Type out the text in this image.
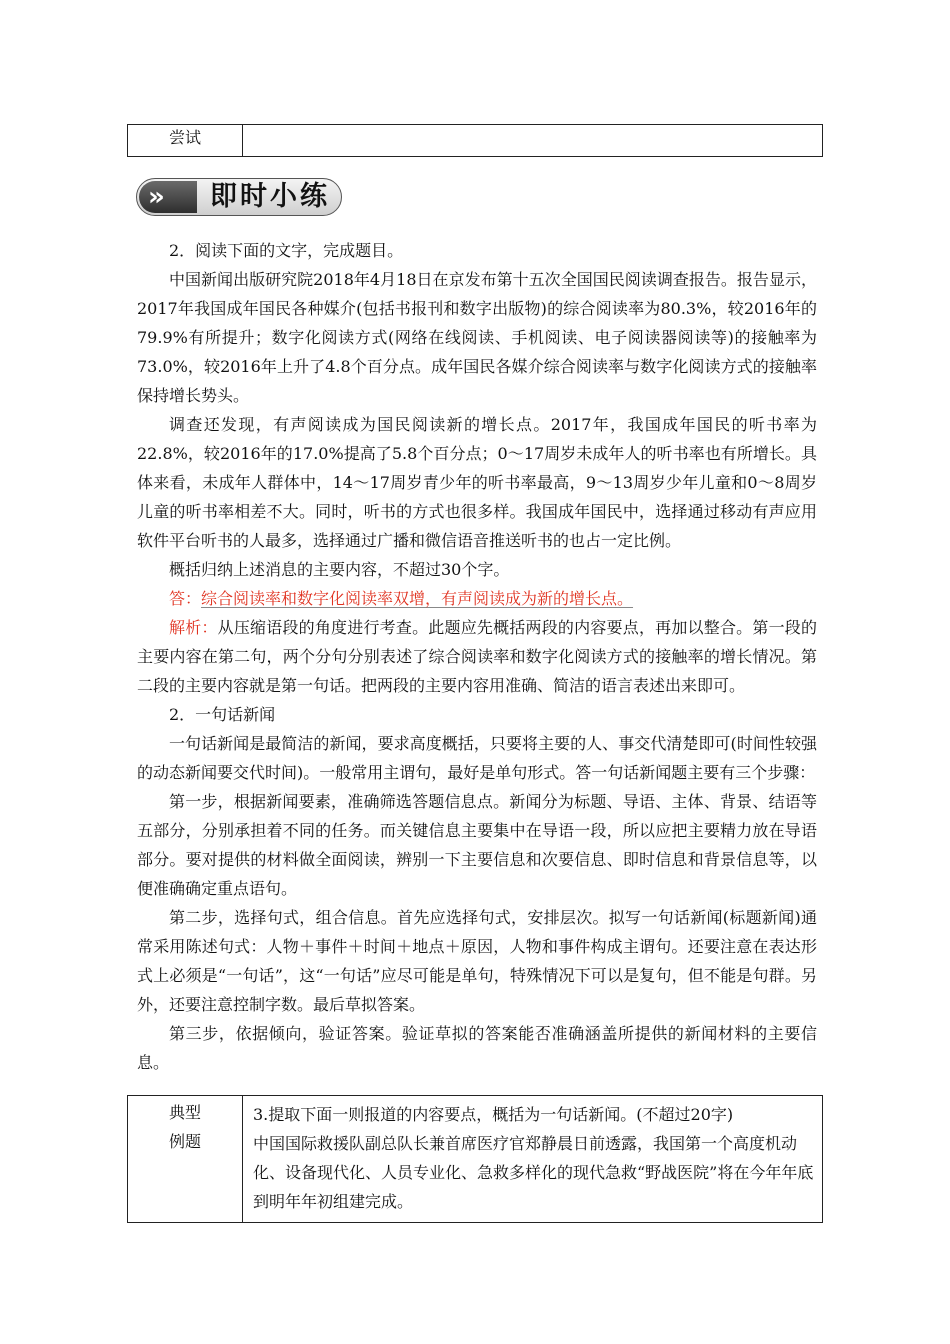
尝试	
» 即时小练

2．阅读下面的文字，完成题目。

中国新闻出版研究院2018年4月18日在京发布第十五次全国国民阅读调查报告。报告显示，2017年我国成年国民各种媒介(包括书报刊和数字出版物)的综合阅读率为80.3%，较2016年的79.9%有所提升；数字化阅读方式(网络在线阅读、手机阅读、电子阅读器阅读等)的接触率为73.0%，较2016年上升了4.8个百分点。成年国民各媒介综合阅读率与数字化阅读方式的接触率保持增长势头。

调查还发现，有声阅读成为国民阅读新的增长点。2017年，我国成年国民的听书率为22.8%，较2016年的17.0%提高了5.8个百分点；0～17周岁未成年人的听书率也有所增长。具体来看，未成年人群体中，14～17周岁青少年的听书率最高，9～13周岁少年儿童和0～8周岁儿童的听书率相差不大。同时，听书的方式也很多样。我国成年国民中，选择通过移动有声应用软件平台听书的人最多，选择通过广播和微信语音推送听书的也占一定比例。

概括归纳上述消息的主要内容，不超过30个字。

答：综合阅读率和数字化阅读率双增，有声阅读成为新的增长点。

解析：从压缩语段的角度进行考查。此题应先概括两段的内容要点，再加以整合。第一段的主要内容在第二句，两个分句分别表述了综合阅读率和数字化阅读方式的接触率的增长情况。第二段的主要内容就是第一句话。把两段的主要内容用准确、简洁的语言表述出来即可。

2．一句话新闻

一句话新闻是最简洁的新闻，要求高度概括，只要将主要的人、事交代清楚即可(时间性较强的动态新闻要交代时间)。一般常用主谓句，最好是单句形式。答一句话新闻题主要有三个步骤：

第一步，根据新闻要素，准确筛选答题信息点。新闻分为标题、导语、主体、背景、结语等五部分，分别承担着不同的任务。而关键信息主要集中在导语一段，所以应把主要精力放在导语部分。要对提供的材料做全面阅读，辨别一下主要信息和次要信息、即时信息和背景信息等，以便准确确定重点语句。

第二步，选择句式，组合信息。首先应选择句式，安排层次。拟写一句话新闻(标题新闻)通常采用陈述句式：人物＋事件＋时间＋地点＋原因，人物和事件构成主谓句。还要注意在表达形式上必须是“一句话”，这“一句话”应尽可能是单句，特殊情况下可以是复句，但不能是句群。另外，还要注意控制字数。最后草拟答案。

第三步，依据倾向，验证答案。验证草拟的答案能否准确涵盖所提供的新闻材料的主要信息。

典型
例题

3.提取下面一则报道的内容要点，概括为一句话新闻。(不超过20字)

中国国际救援队副总队长兼首席医疗官郑静晨日前透露，我国第一个高度机动化、设备现代化、人员专业化、急救多样化的现代急救“野战医院”将在今年年底到明年年初组建完成。
